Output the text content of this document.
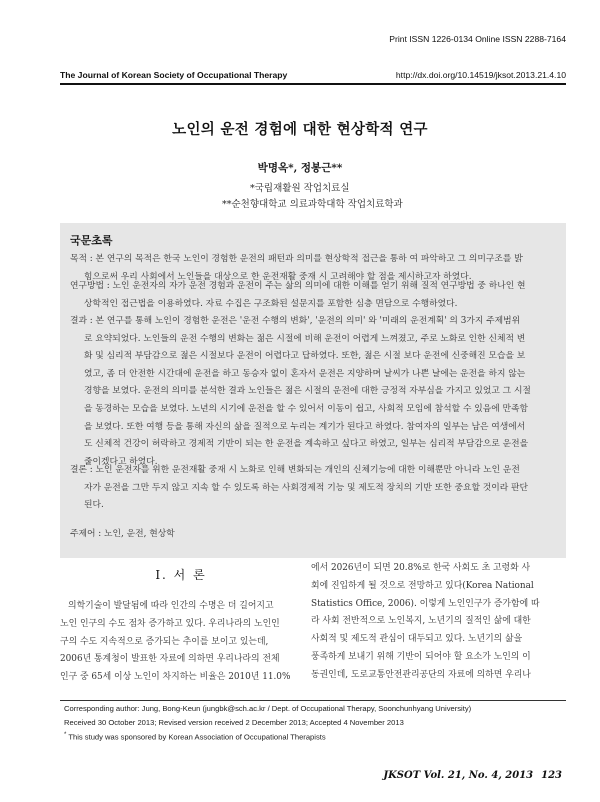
Print ISSN 1226-0134 Online ISSN 2288-7164
The Journal of Korean Society of Occupational Therapy	http://dx.doi.org/10.14519/jksot.2013.21.4.10
노인의 운전 경험에 대한 현상학적 연구
박명옥*, 정봉근**
*국립재활원 작업치료실
**순천향대학교 의료과학대학 작업치료학과
국문초록
목적 : 본 연구의 목적은 한국 노인이 경험한 운전의 패턴과 의미를 현상학적 접근을 통하 여 파악하고 그 의미구조를 밝
힘으로써 우리 사회에서 노인들을 대상으로 한 운전재활 중재 시 고려해야 할 점을 제시하고자 하였다.
연구방법 : 노인 운전자의 자가 운전 경험과 운전이 주는 삶의 의미에 대한 이해를 얻기 위해 질적 연구방법 중 하나인 현
상학적인 접근법을 이용하였다. 자료 수집은 구조화된 설문지를 포함한 심층 면담으로 수행하였다.
결과 : 본 연구를 통해 노인이 경험한 운전은 '운전 수행의 변화', '운전의 의미' 와 '미래의 운전계획' 의 3가지 주제범위
로 요약되었다. 노인들의 운전 수행의 변화는 젊은 시절에 비해 운전이 어렵게 느껴졌고, 주로 노화로 인한 신체적 변
화 및 심리적 부담감으로 젊은 시절보다 운전이 어렵다고 답하였다. 또한, 젊은 시절 보다 운전에 신중해진 모습을 보
였고, 좀 더 안전한 시간대에 운전을 하고 동승자 없이 혼자서 운전은 지양하며 날씨가 나쁜 날에는 운전을 하지 않는
경향을 보였다. 운전의 의미를 분석한 결과 노인들은 젊은 시절의 운전에 대한 긍정적 자부심을 가지고 있었고 그 시절
을 동경하는 모습을 보였다. 노년의 시기에 운전을 할 수 있어서 이동이 쉽고, 사회적 모임에 참석할 수 있음에 만족함
을 보였다. 또한 여행 등을 통해 자신의 삶을 질적으로 누리는 계기가 된다고 하였다. 참여자의 일부는 남은 여생에서
도 신체적 건강이 허락하고 경제적 기반이 되는 한 운전을 계속하고 싶다고 하였고, 일부는 심리적 부담감으로 운전을
줄이겠다고 하였다.
결론 : 노인 운전자를 위한 운전재활 중재 시 노화로 인해 변화되는 개인의 신체기능에 대한 이해뿐만 아니라 노인 운전
자가 운전을 그만 두지 않고 지속 할 수 있도록 하는 사회경제적 기능 및 제도적 장치의 기반 또한 중요할 것이라 판단
된다.
주제어 : 노인, 운전, 현상학
Ⅰ. 서 론
의학기술이 발달됨에 따라 인간의 수명은 더 길어지고
노인 인구의 수도 점차 증가하고 있다. 우리나라의 노인인
구의 수도 지속적으로 증가되는 추이를 보이고 있는데,
2006년 통계청이 발표한 자료에 의하면 우리나라의 전체
인구 중 65세 이상 노인이 차지하는 비율은 2010년 11.0%
에서 2026년이 되면 20.8%로 한국 사회도 초 고령화 사
회에 진입하게 될 것으로 전망하고 있다(Korea National
Statistics Office, 2006). 이렇게 노인인구가 증가함에 따
라 사회 전반적으로 노인복지, 노년기의 질적인 삶에 대한
사회적 및 제도적 관심이 대두되고 있다. 노년기의 삶을
풍족하게 보내기 위해 기반이 되어야 할 요소가 노인의 이
동권인데, 도로교통안전관리공단의 자료에 의하면 우리나
Corresponding author: Jung, Bong-Keun (jungbk@sch.ac.kr / Dept. of Occupational Therapy, Soonchunhyang University)
Received 30 October 2013; Revised version received 2 December 2013; Accepted 4 November 2013
* This study was sponsored by Korean Association of Occupational Therapists
JKSOT Vol. 21, No. 4, 2013 123
